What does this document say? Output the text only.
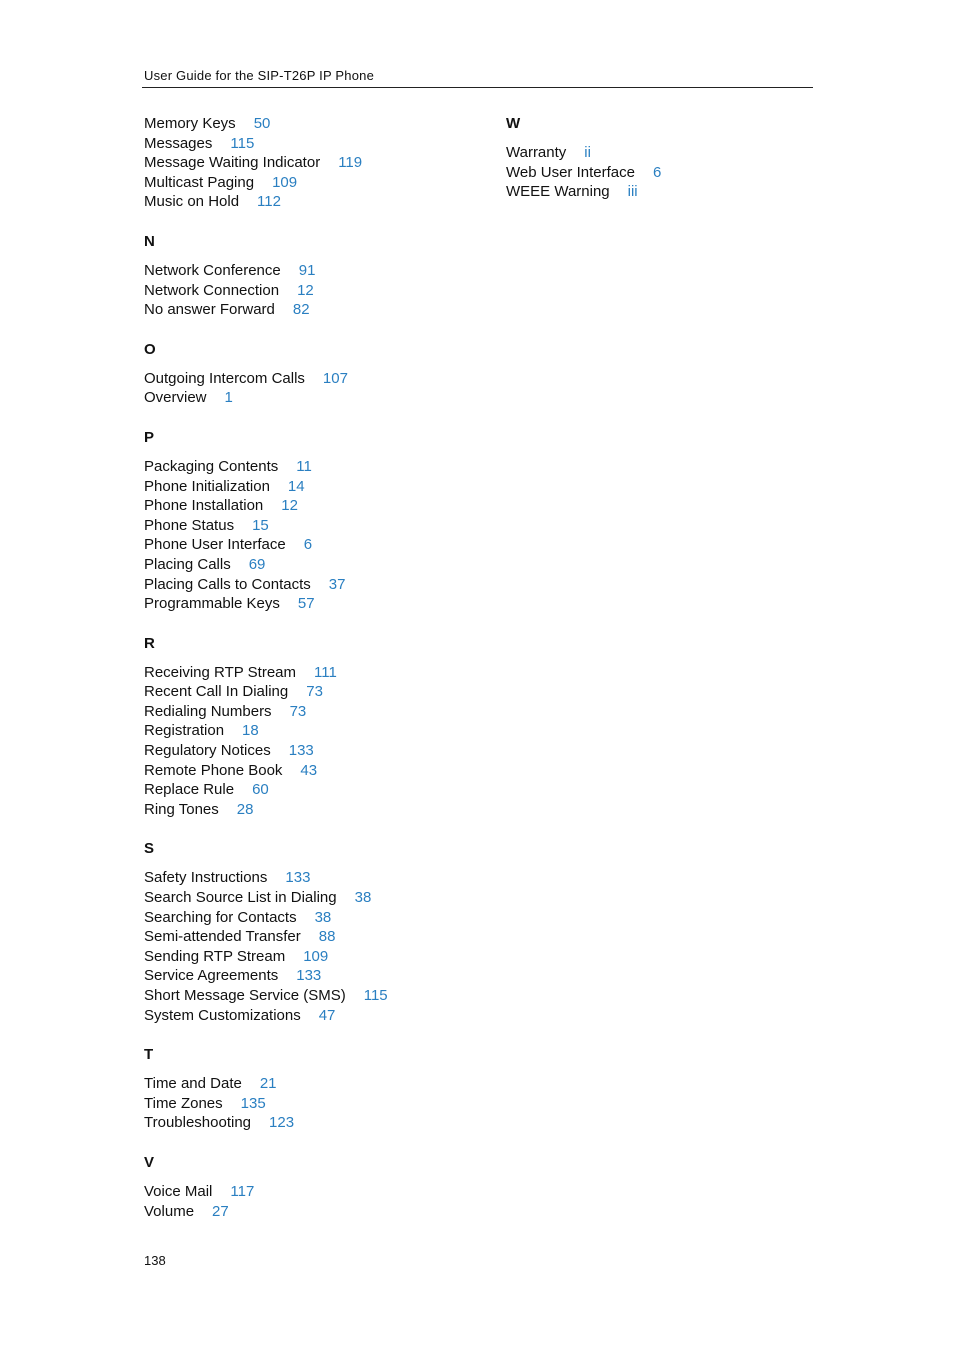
User Guide for the SIP-T26P IP Phone
Memory Keys 50
Messages 115
Message Waiting Indicator 119
Multicast Paging 109
Music on Hold 112
N
Network Conference 91
Network Connection 12
No answer Forward 82
O
Outgoing Intercom Calls 107
Overview 1
P
Packaging Contents 11
Phone Initialization 14
Phone Installation 12
Phone Status 15
Phone User Interface 6
Placing Calls 69
Placing Calls to Contacts 37
Programmable Keys 57
R
Receiving RTP Stream 111
Recent Call In Dialing 73
Redialing Numbers 73
Registration 18
Regulatory Notices 133
Remote Phone Book 43
Replace Rule 60
Ring Tones 28
S
Safety Instructions 133
Search Source List in Dialing 38
Searching for Contacts 38
Semi-attended Transfer 88
Sending RTP Stream 109
Service Agreements 133
Short Message Service (SMS) 115
System Customizations 47
T
Time and Date 21
Time Zones 135
Troubleshooting 123
V
Voice Mail 117
Volume 27
W
Warranty ii
Web User Interface 6
WEEE Warning iii
138
